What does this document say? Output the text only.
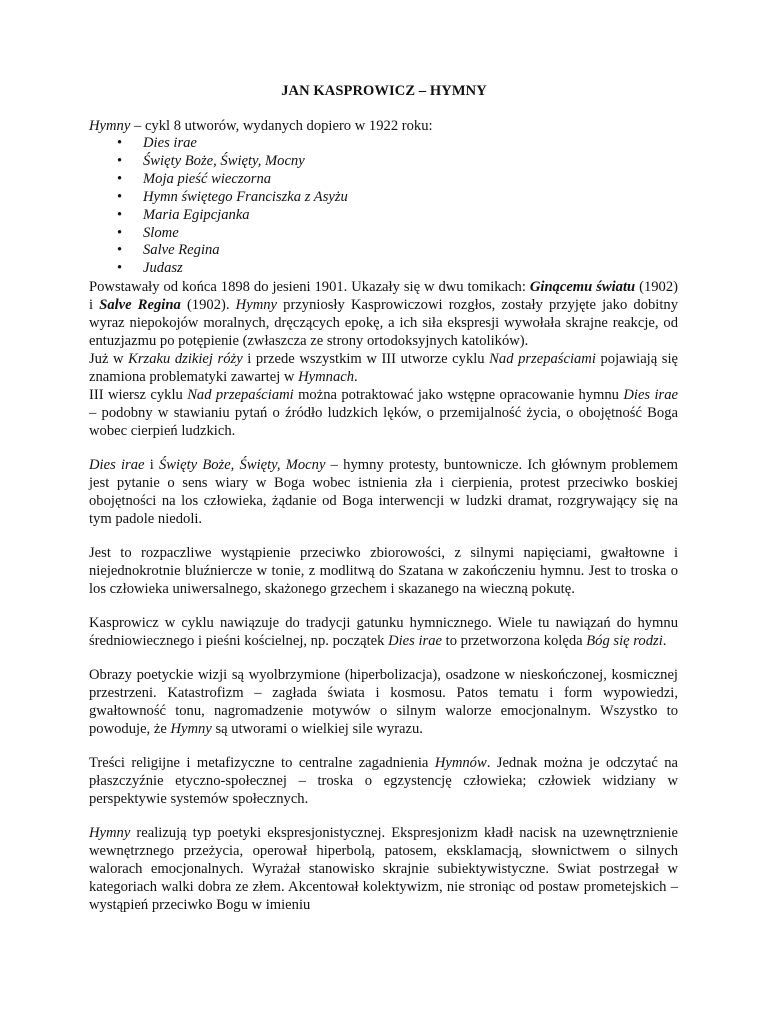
JAN KASPROWICZ – HYMNY

Hymny – cykl 8 utworów, wydanych dopiero w 1922 roku:

• Dies irae
• Święty Boże, Święty, Mocny
• Moja pieść wieczorna
• Hymn świętego Franciszka z Asyżu
• Maria Egipcjanka
• Slome
• Salve Regina
• Judasz

Powstawały od końca 1898 do jesieni 1901. Ukazały się w dwu tomikach: Ginącemu światu (1902) i Salve Regina (1902). Hymny przyniosły Kasprowiczowi rozgłos, zostały przyjęte jako dobitny wyraz niepokojów moralnych, dręczących epokę, a ich siła ekspresji wywołała skrajne reakcje, od entuzjazmu po potępienie (zwłaszcza ze strony ortodoksyjnych katolików).

Już w Krzaku dzikiej róży i przede wszystkim w III utworze cyklu Nad przepaściami pojawiają się znamiona problematyki zawartej w Hymnach.

III wiersz cyklu Nad przepaściami można potraktować jako wstępne opracowanie hymnu Dies irae – podobny w stawianiu pytań o źródło ludzkich lęków, o przemijalność życia, o obojętność Boga wobec cierpień ludzkich.

Dies irae i Święty Boże, Święty, Mocny – hymny protesty, buntownicze. Ich głównym problemem jest pytanie o sens wiary w Boga wobec istnienia zła i cierpienia, protest przeciwko boskiej obojętności na los człowieka, żądanie od Boga interwencji w ludzki dramat, rozgrywający się na tym padole niedoli.

Jest to rozpaczliwe wystąpienie przeciwko zbiorowości, z silnymi napięciami, gwałtowne i niejednokrotnie bluźniercze w tonie, z modlitwą do Szatana w zakończeniu hymnu. Jest to troska o los człowieka uniwersalnego, skażonego grzechem i skazanego na wieczną pokutę.

Kasprowicz w cyklu nawiązuje do tradycji gatunku hymnicznego. Wiele tu nawiązań do hymnu średniowiecznego i pieśni kościelnej, np. początek Dies irae to przetworzona kolęda Bóg się rodzi.

Obrazy poetyckie wizji są wyolbrzymione (hiperbolizacja), osadzone w nieskończonej, kosmicznej przestrzeni. Katastrofizm – zagłada świata i kosmosu. Patos tematu i form wypowiedzi, gwałtowność tonu, nagromadzenie motywów o silnym walorze emocjonalnym. Wszystko to powoduje, że Hymny są utworami o wielkiej sile wyrazu.

Treści religijne i metafizyczne to centralne zagadnienia Hymnów. Jednak można je odczytać na płaszczyźnie etyczno-społecznej – troska o egzystencję człowieka; człowiek widziany w perspektywie systemów społecznych.

Hymny realizują typ poetyki ekspresjonistycznej. Ekspresjonizm kładł nacisk na uzewnętrznienie wewnętrznego przeżycia, operował hiperbolą, patosem, eksklamacją, słownictwem o silnych walorach emocjonalnych. Wyrażał stanowisko skrajnie subiektywistyczne. Swiat postrzegał w kategoriach walki dobra ze złem. Akcentował kolektywizm, nie stroniąc od postaw prometejskich – wystąpień przeciwko Bogu w imieniu
